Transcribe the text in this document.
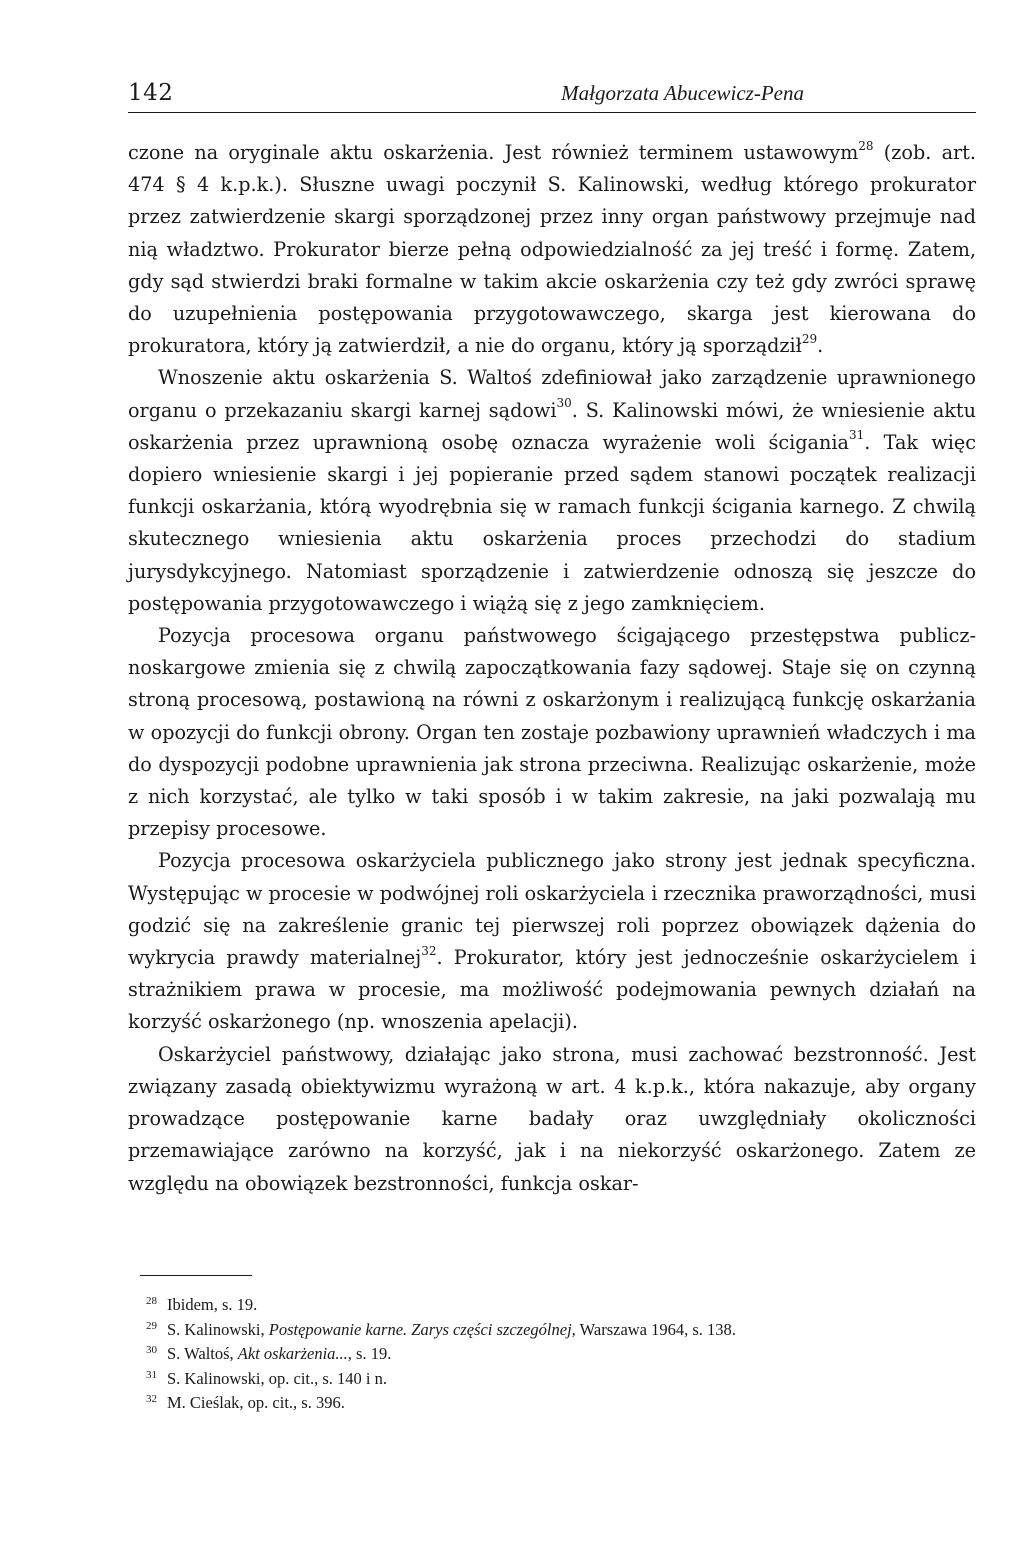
142	Małgorzata Abucewicz-Pena

czone na oryginale aktu oskarżenia. Jest również terminem ustawowym$^{28}$ (zob. art. 474 § 4 k.p.k.). Słuszne uwagi poczynił S. Kalinowski, według którego prokurator przez zatwierdzenie skargi sporządzonej przez inny organ państwowy przejmuje nad nią władztwo. Prokurator bierze pełną odpowiedzialność za jej treść i formę. Zatem, gdy sąd stwierdzi braki formalne w takim akcie oskarżenia czy też gdy zwróci sprawę do uzupełnienia postępowania przygotowawczego, skarga jest kierowana do prokuratora, który ją zatwierdził, a nie do organu, który ją sporządził$^{29}$.

Wnoszenie aktu oskarżenia S. Waltoś zdefiniował jako zarządzenie uprawnionego organu o przekazaniu skargi karnej sądowi$^{30}$. S. Kalinowski mówi, że wniesienie aktu oskarżenia przez uprawnioną osobę oznacza wyrażenie woli ścigania$^{31}$. Tak więc dopiero wniesienie skargi i jej popieranie przed sądem stanowi początek realizacji funkcji oskarżania, którą wyodrębnia się w ramach funkcji ścigania karnego. Z chwilą skutecznego wniesienia aktu oskarżenia proces przechodzi do stadium jurysdykcyjnego. Natomiast sporządzenie i zatwierdzenie odnoszą się jeszcze do postępowania przygotowawczego i wiążą się z jego zamknięciem.

Pozycja procesowa organu państwowego ścigającego przestępstwa publicznoskargowe zmienia się z chwilą zapoczątkowania fazy sądowej. Staje się on czynną stroną procesową, postawioną na równi z oskarżonym i realizującą funkcję oskarżania w opozycji do funkcji obrony. Organ ten zostaje pozbawiony uprawnień władczych i ma do dyspozycji podobne uprawnienia jak strona przeciwna. Realizując oskarżenie, może z nich korzystać, ale tylko w taki sposób i w takim zakresie, na jaki pozwalają mu przepisy procesowe.

Pozycja procesowa oskarżyciela publicznego jako strony jest jednak specyficzna. Występując w procesie w podwójnej roli oskarżyciela i rzecznika praworządności, musi godzić się na zakreślenie granic tej pierwszej roli poprzez obowiązek dążenia do wykrycia prawdy materialnej$^{32}$. Prokurator, który jest jednocześnie oskarżycielem i strażnikiem prawa w procesie, ma możliwość podejmowania pewnych działań na korzyść oskarżonego (np. wnoszenia apelacji).

Oskarżyciel państwowy, działając jako strona, musi zachować bezstronność. Jest związany zasadą obiektywizmu wyrażoną w art. 4 k.p.k., która nakazuje, aby organy prowadzące postępowanie karne badały oraz uwzględniały okoliczności przemawiające zarówno na korzyść, jak i na niekorzyść oskarżonego. Zatem ze względu na obowiązek bezstronności, funkcja oskar-

28 Ibidem, s. 19.
29 S. Kalinowski, Postępowanie karne. Zarys części szczególnej, Warszawa 1964, s. 138.
30 S. Waltoś, Akt oskarżenia..., s. 19.
31 S. Kalinowski, op. cit., s. 140 i n.
32 M. Cieślak, op. cit., s. 396.
